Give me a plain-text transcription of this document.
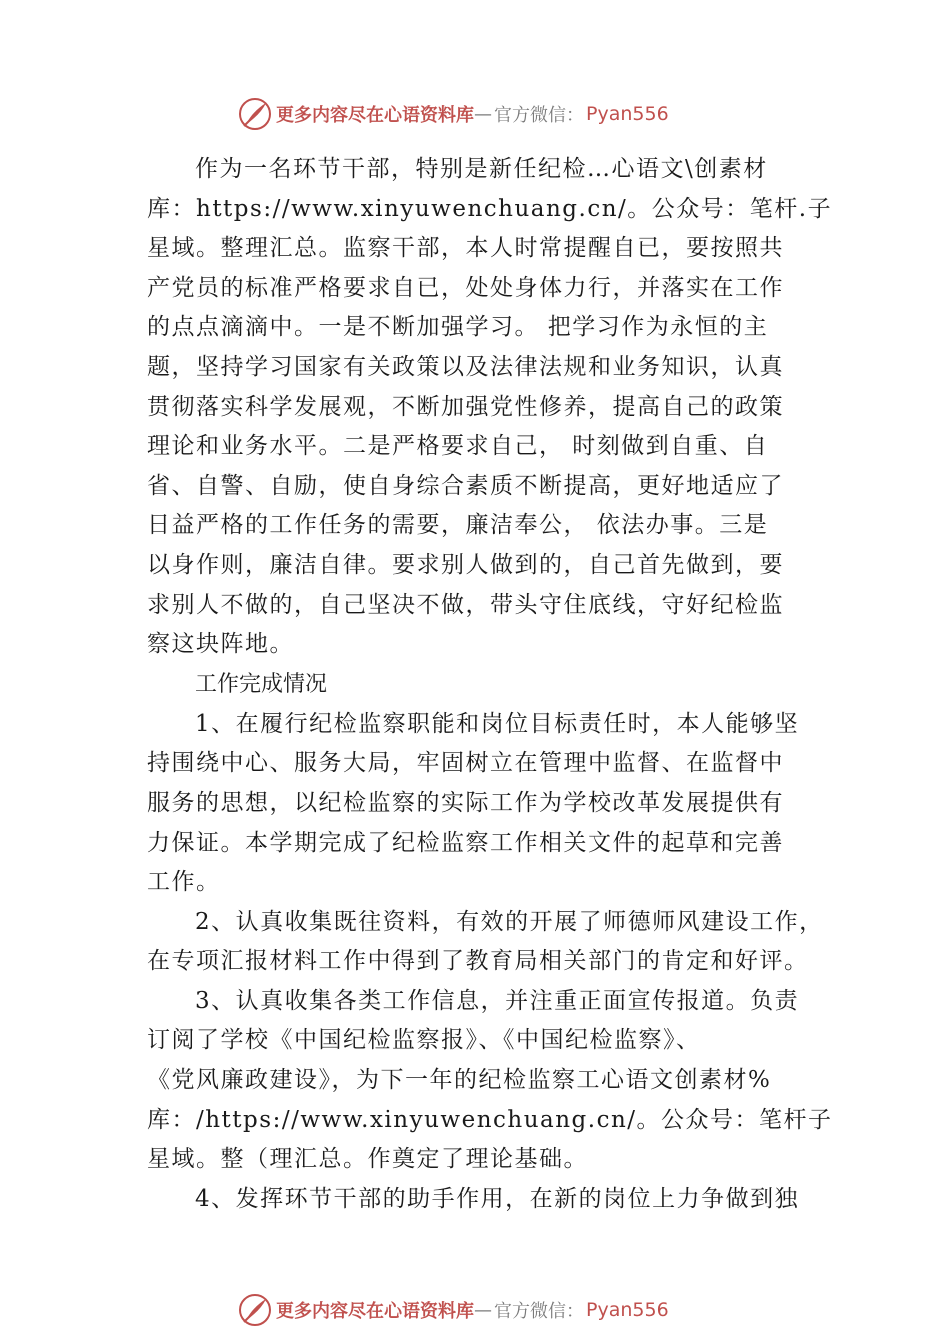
更多内容尽在心语资料库 — 官方微信： Pyan556
作为一名环节干部，特别是新任纪检…心语文\创素材
库：https://www.xinyuwenchuang.cn/。公众号：笔杆.子
星域。整理汇总。监察干部，本人时常提醒自已，要按照共
产党员的标准严格要求自已，处处身体力行，并落实在工作
的点点滴滴中。一是不断加强学习。 把学习作为永恒的主
题，坚持学习国家有关政策以及法律法规和业务知识，认真
贯彻落实科学发展观，不断加强党性修养，提高自己的政策
理论和业务水平。二是严格要求自己， 时刻做到自重、自
省、自警、自励，使自身综合素质不断提高，更好地适应了
日益严格的工作任务的需要，廉洁奉公， 依法办事。三是
以身作则，廉洁自律。要求别人做到的，自己首先做到，要
求别人不做的，自己坚决不做，带头守住底线，守好纪检监
察这块阵地。
工作完成情况
1、在履行纪检监察职能和岗位目标责任时，本人能够坚
持围绕中心、服务大局，牢固树立在管理中监督、在监督中
服务的思想，以纪检监察的实际工作为学校改革发展提供有
力保证。本学期完成了纪检监察工作相关文件的起草和完善
工作。
2、认真收集既往资料，有效的开展了师德师风建设工作，
在专项汇报材料工作中得到了教育局相关部门的肯定和好评。
3、认真收集各类工作信息，并注重正面宣传报道。负责
订阅了学校《中国纪检监察报》、《中国纪检监察》、
《党风廉政建设》，为下一年的纪检监察工心语文创素材%
库：/https://www.xinyuwenchuang.cn/。公众号：笔杆子
星域。整（理汇总。作奠定了理论基础。
4、发挥环节干部的助手作用，在新的岗位上力争做到独
更多内容尽在心语资料库 — 官方微信： Pyan556
